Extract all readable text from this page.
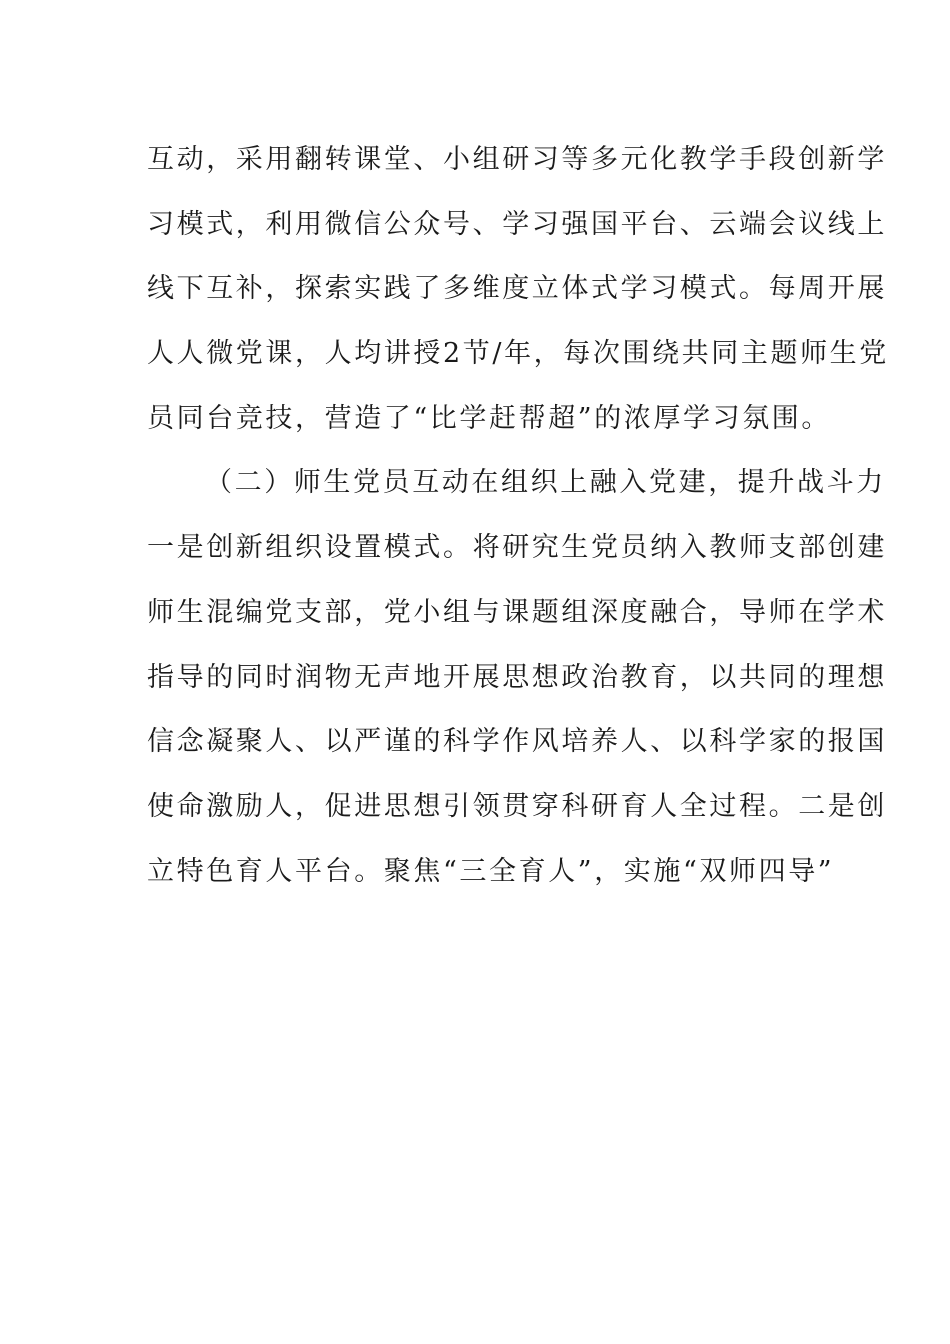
互动，采用翻转课堂、小组研习等多元化教学手段创新学
习模式，利用微信公众号、学习强国平台、云端会议线上
线下互补，探索实践了多维度立体式学习模式。每周开展
人人微党课，人均讲授2节/年，每次围绕共同主题师生党
员同台竞技，营造了“比学赶帮超”的浓厚学习氛围。
（二）师生党员互动在组织上融入党建，提升战斗力
一是创新组织设置模式。将研究生党员纳入教师支部创建
师生混编党支部，党小组与课题组深度融合，导师在学术
指导的同时润物无声地开展思想政治教育，以共同的理想
信念凝聚人、以严谨的科学作风培养人、以科学家的报国
使命激励人，促进思想引领贯穿科研育人全过程。二是创
立特色育人平台。聚焦“三全育人”，实施“双师四导”
